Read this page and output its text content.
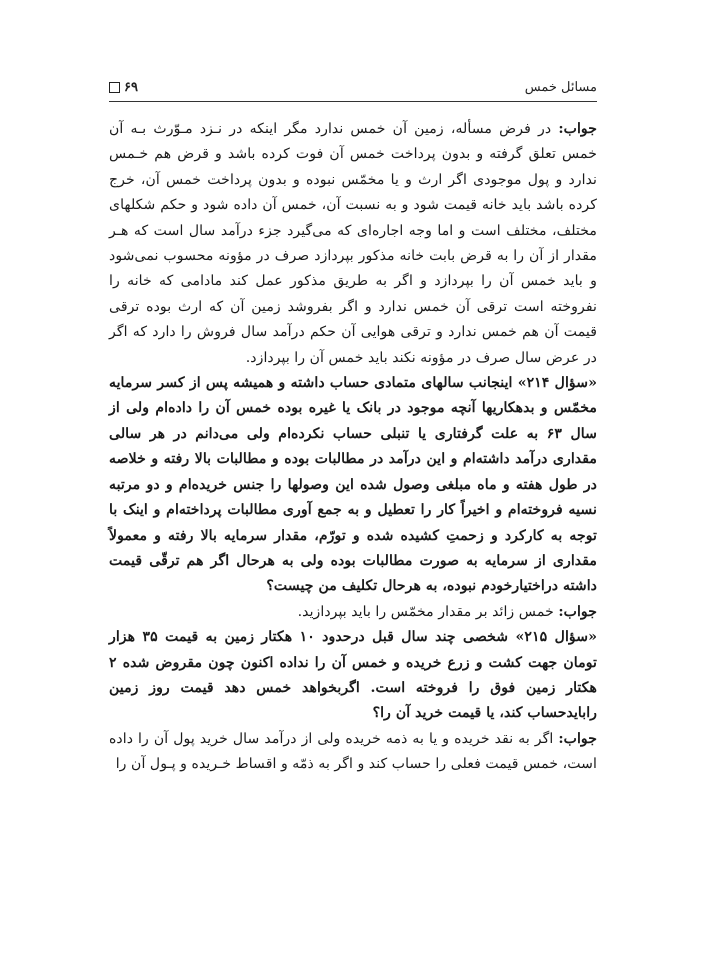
مسائل خمس
۶۹

جواب: در فرض مسأله، زمین آن خمس ندارد مگر اینکه در نـزد مـوّرث بـه آن خمس تعلق گرفته و بدون پرداخت خمس آن فوت کرده باشد و قرض هم خـمس ندارد و پول موجودی اگر ارث و یا مخمّس نبوده و بدون پرداخت خمس آن، خرج کرده باشد باید خانه قیمت شود و به نسبت آن، خمس آن داده شود و حکم شکلهای مختلف، مختلف است و اما وجه اجاره‌ای که می‌گیرد جزء درآمد سال است که هـر مقدار از آن را به قرض بابت خانه مذکور بپردازد صرف در مؤونه محسوب نمی‌شود و باید خمس آن را بپردازد و اگر به طریق مذکور عمل کند مادامی که خانه را نفروخته است ترقی آن خمس ندارد و اگر بفروشد زمین آن که ارث بوده ترقی قیمت آن هم خمس ندارد و ترقی هوایی آن حکم درآمد سال فروش را دارد که اگر در عرض سال صرف در مؤونه نکند باید خمس آن را بپردازد.

«سؤال ۲۱۴» اینجانب سالهای متمادی حساب داشته و همیشه پس از کسر سرمایه مخمّس و بدهکاریها آنچه موجود در بانک یا غیره بوده خمس آن را داده‌ام ولی از سال ۶۳ به علت گرفتاری یا تنبلی حساب نکرده‌ام ولی می‌دانم در هر سالی مقداری درآمد داشته‌ام و این درآمد در مطالبات بوده و مطالبات بالا رفته و خلاصه در طول هفته و ماه مبلغی وصول شده این وصولها را جنس خریده‌ام و دو مرتبه نسیه فروخته‌ام و اخیراً کار را تعطیل و به جمع آوری مطالبات پرداخته‌ام و اینک با توجه به کارکرد و زحمتِ کشیده شده و تورّم، مقدار سرمایه بالا رفته و معمولاً مقداری از سرمایه به صورت مطالبات بوده ولی به هرحال اگر هم ترقّی قیمت داشته دراختیارخودم نبوده، به هرحال تکلیف من چیست؟

جواب: خمس زائد بر مقدار مخمّس را باید بپردازید.

«سؤال ۲۱۵» شخصی چند سال قبل درحدود ۱۰ هکتار زمین به قیمت ۳۵ هزار تومان جهت کشت و زرع خریده و خمس آن را نداده اکنون چون مقروض شده ۲ هکتار زمین فوق را فروخته است. اگربخواهد خمس دهد قیمت روز زمین رابایدحساب کند، یا قیمت خرید آن را؟

جواب: اگر به نقد خریده و یا به ذمه خریده ولی از درآمد سال خرید پول آن را داده است، خمس قیمت فعلی را حساب کند و اگر به ذمّه و اقساط خـریده و پـول آن را
